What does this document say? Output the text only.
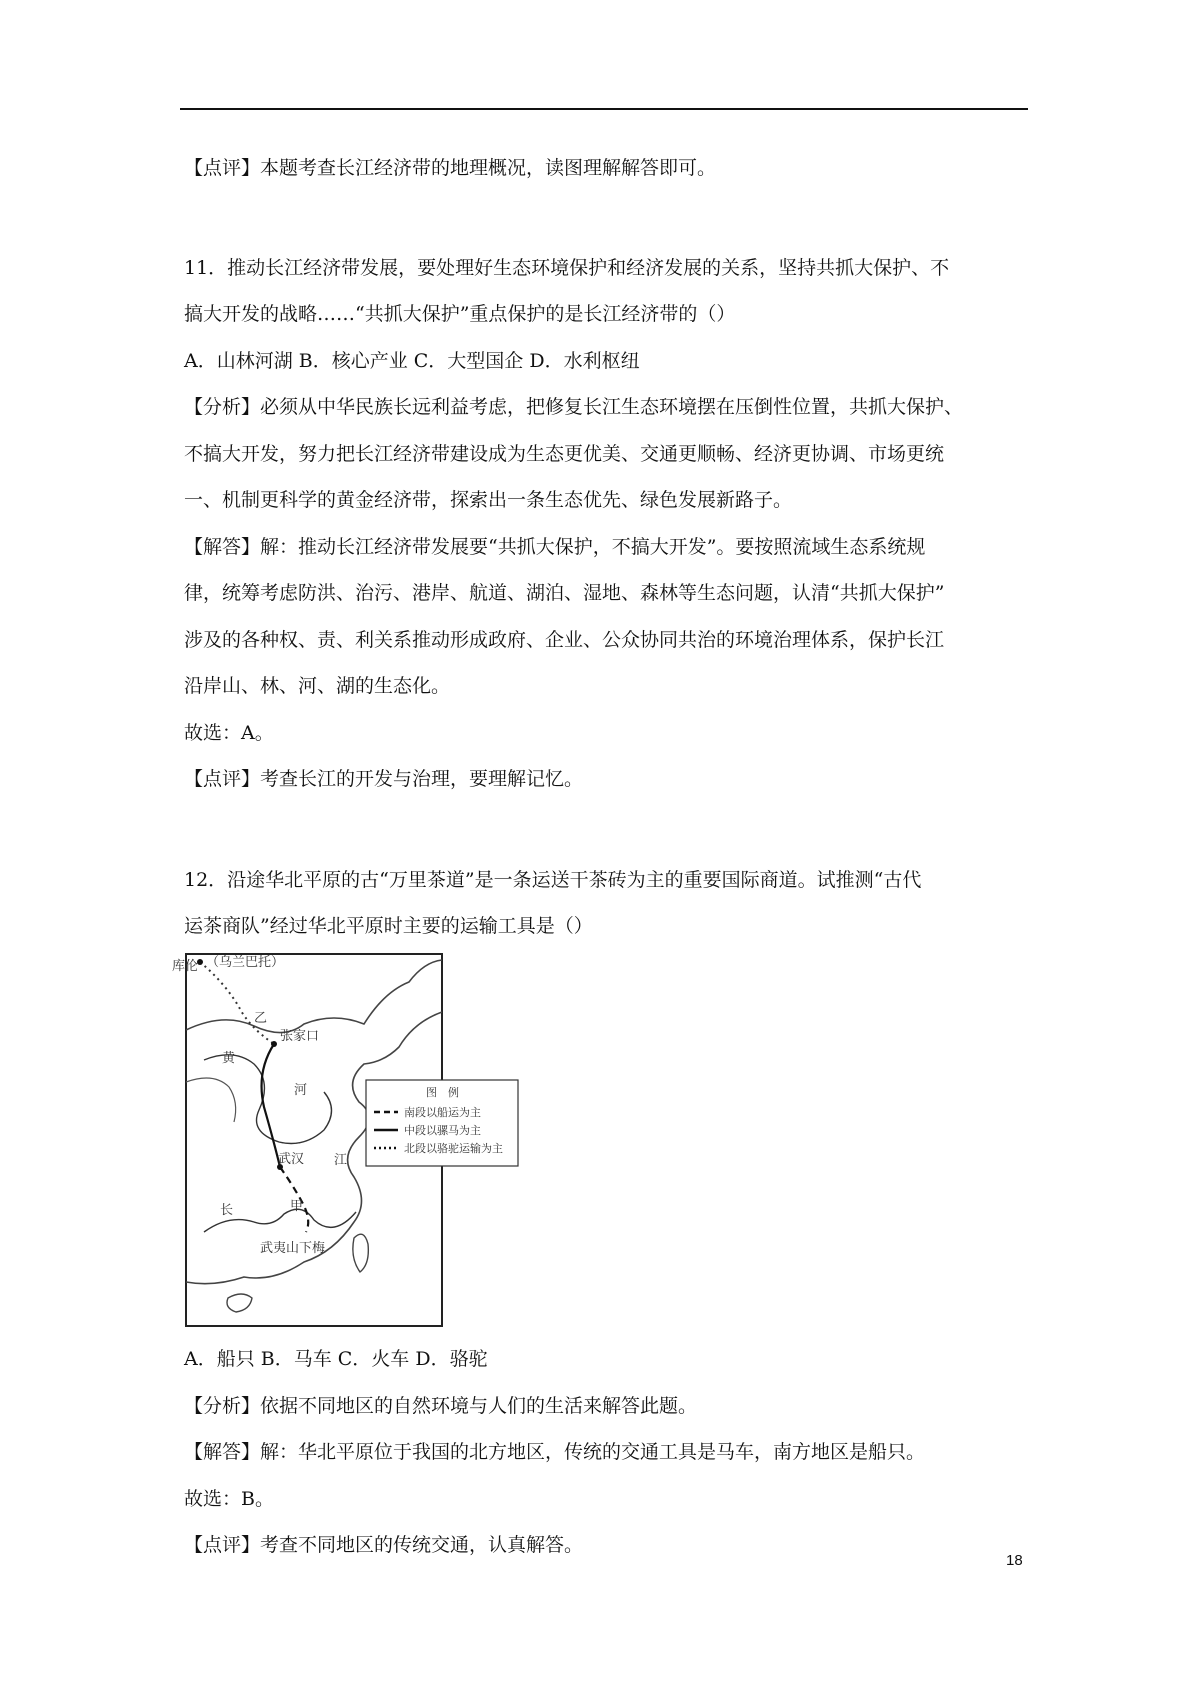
【点评】本题考查长江经济带的地理概况，读图理解解答即可。
11．推动长江经济带发展，要处理好生态环境保护和经济发展的关系，坚持共抓大保护、不
搞大开发的战略……“共抓大保护”重点保护的是长江经济带的（）
A．山林河湖 B．核心产业 C．大型国企 D．水利枢纽
【分析】必须从中华民族长远利益考虑，把修复长江生态环境摆在压倒性位置，共抓大保护、
不搞大开发，努力把长江经济带建设成为生态更优美、交通更顺畅、经济更协调、市场更统
一、机制更科学的黄金经济带，探索出一条生态优先、绿色发展新路子。
【解答】解：推动长江经济带发展要“共抓大保护，不搞大开发”。要按照流域生态系统规
律，统筹考虑防洪、治污、港岸、航道、湖泊、湿地、森林等生态问题，认清“共抓大保护”
涉及的各种权、责、利关系推动形成政府、企业、公众协同共治的环境治理体系，保护长江
沿岸山、林、河、湖的生态化。
故选：A。
【点评】考查长江的开发与治理，要理解记忆。
12．沿途华北平原的古“万里茶道”是一条运送干茶砖为主的重要国际商道。试推测“古代
运茶商队”经过华北平原时主要的运输工具是（）
库伦 （乌兰巴托）
张家口
黄
河
武汉 江
长	甲
乙
武夷山下梅
图　例
南段以船运为主
中段以骡马为主
北段以骆驼运输为主
A．船只 B．马车 C．火车 D．骆驼
【分析】依据不同地区的自然环境与人们的生活来解答此题。
【解答】解：华北平原位于我国的北方地区，传统的交通工具是马车，南方地区是船只。
故选：B。
【点评】考查不同地区的传统交通，认真解答。
18
